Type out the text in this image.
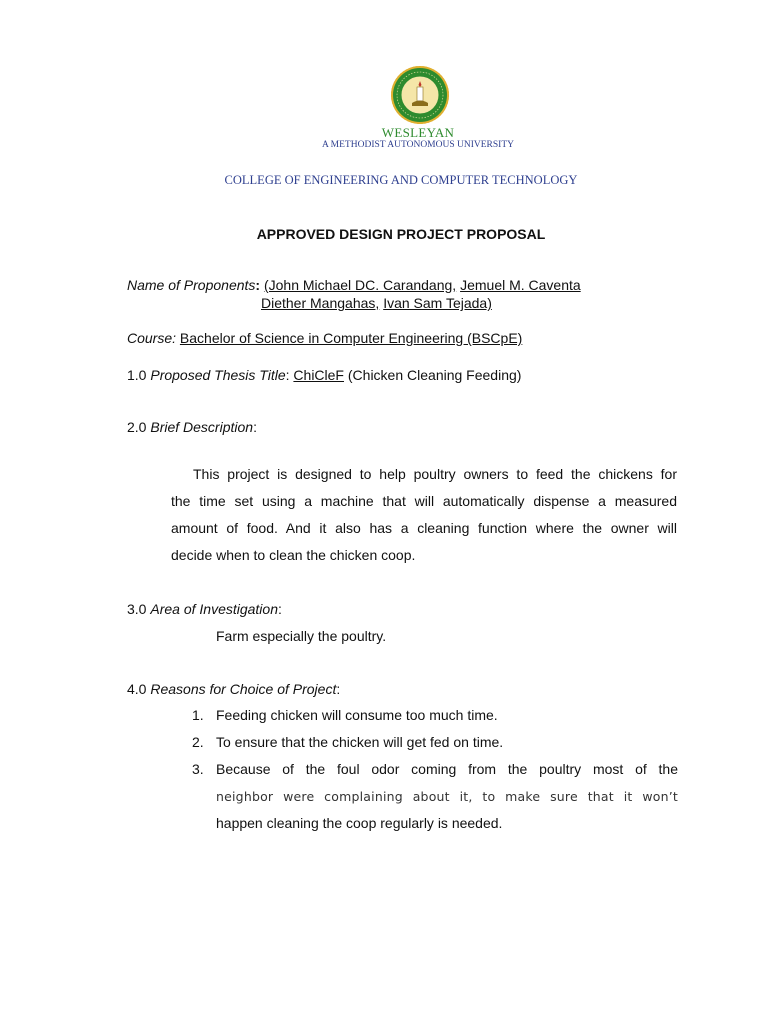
WESLEYAN
A METHODIST AUTONOMOUS UNIVERSITY
COLLEGE OF ENGINEERING AND COMPUTER TECHNOLOGY
APPROVED DESIGN PROJECT PROPOSAL
Name of Proponents: (John Michael DC. Carandang, Jemuel M. Caventa
Diether Mangahas, Ivan Sam Tejada)
Course: Bachelor of Science in Computer Engineering (BSCpE)
1.0 Proposed Thesis Title: ChiCleF (Chicken Cleaning Feeding)
2.0 Brief Description:
This project is designed to help poultry owners to feed the chickens for
the time set using a machine that will automatically dispense a measured
amount of food. And it also has a cleaning function where the owner will
decide when to clean the chicken coop.
3.0 Area of Investigation:
Farm especially the poultry.
4.0 Reasons for Choice of Project:
1. Feeding chicken will consume too much time.
2. To ensure that the chicken will get fed on time.
3. Because of the foul odor coming from the poultry most of the
neighbor were complaining about it, to make sure that it won’t
happen cleaning the coop regularly is needed.
